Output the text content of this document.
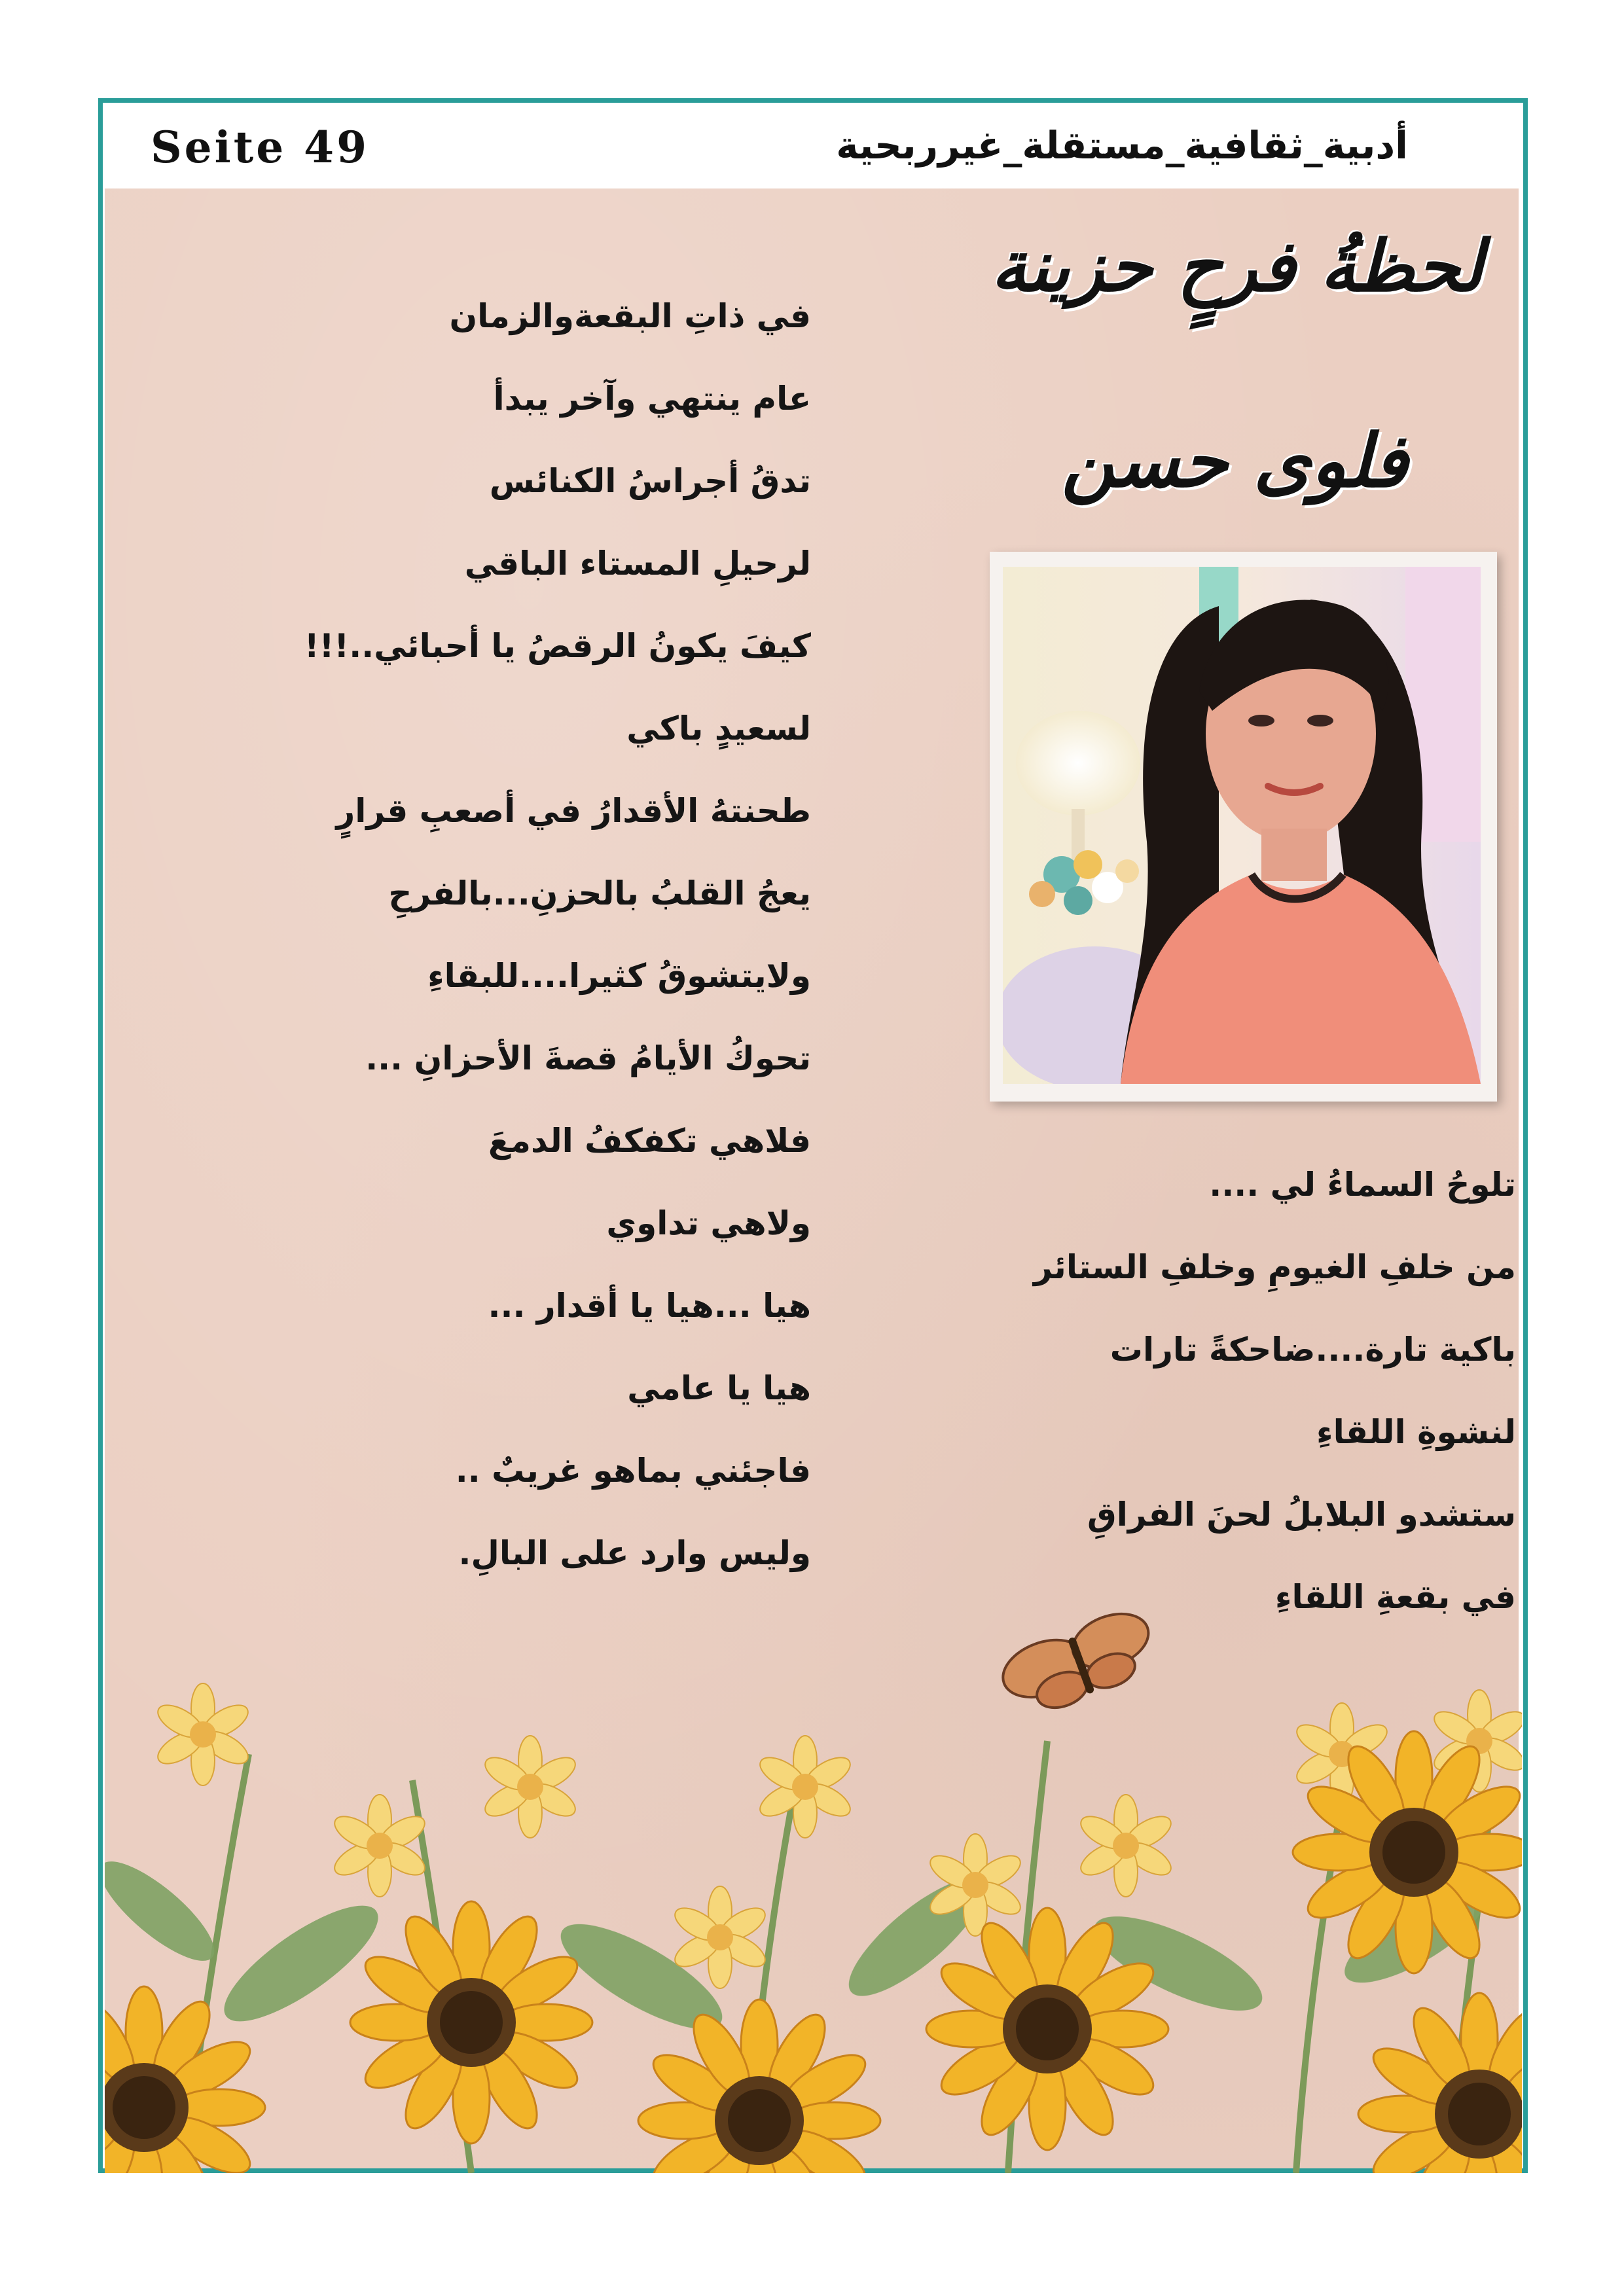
Seite 49	أدبية_ثقافية_مستقلة_غيرربحية
لحظةُ فرحٍ حزينة
فلوى حسن
في ذاتِ البقعةوالزمان
عام ينتهي وآخر يبدأ
تدقُ أجراسُ الكنائس
لرحيلِ المستاء الباقي
كيفَ يكونُ الرقصُ يا أحبائي..!!!
لسعيدٍ باكي
طحنتهُ الأقدارُ في أصعبِ قرارٍ
يعجُ القلبُ بالحزنِ...بالفرحِ
ولايتشوقُ كثيرا....للبقاءِ
تحوكُ الأيامُ قصةَ الأحزانِ ...
فلاهي تكفكفُ الدمعَ
ولاهي تداوي
هيا ...هيا يا أقدار ...
هيا يا عامي
فاجئني بماهو غريبٌ ..
وليس وارد على البالِ.
تلوحُ السماءُ لي ....
من خلفِ الغيومِ وخلفِ الستائر
باكية تارة....ضاحكةً تارات
لنشوةِ اللقاءِ
ستشدو البلابلُ لحنَ الفراقِ
في بقعةِ اللقاءِ
